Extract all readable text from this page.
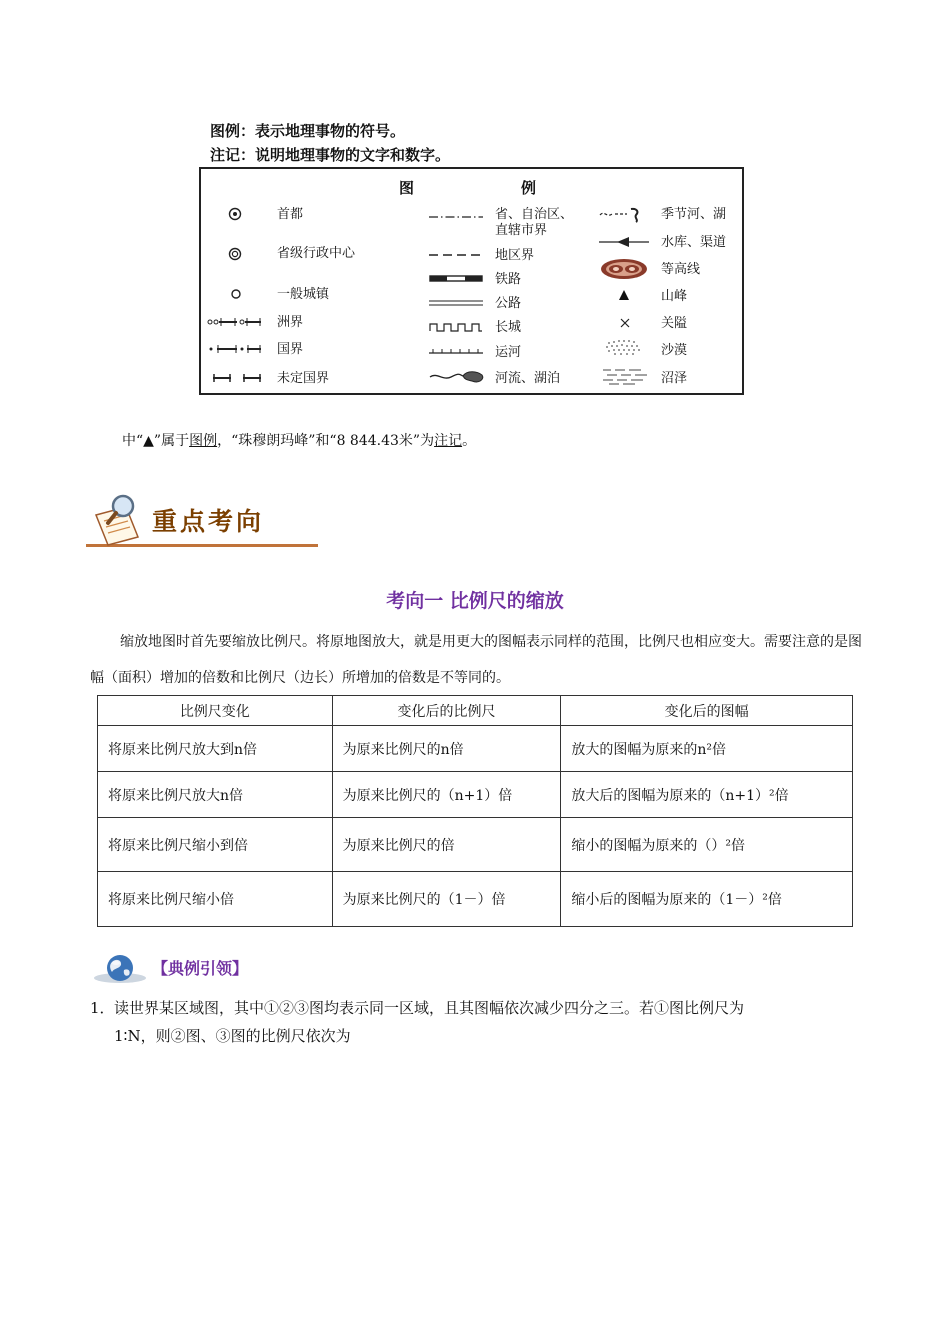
图例：表示地理事物的符号。
注记：说明地理事物的文字和数字。
图	例
首都
省级行政中心
一般城镇
洲界
国界
未定国界
省、自治区、
直辖市界
地区界
铁路
公路
长城
运河
河流、湖泊
季节河、湖
水库、渠道
等高线
山峰
关隘
沙漠
沼泽
中“▲”属于图例，“珠穆朗玛峰”和“8 844.43米”为注记。
重点考向
考向一 比例尺的缩放
缩放地图时首先要缩放比例尺。将原地图放大，就是用更大的图幅表示同样的范围，比例尺也相应变大。需要注意的是图幅（面积）增加的倍数和比例尺（边长）所增加的倍数是不等同的。
比例尺变化	变化后的比例尺	变化后的图幅
将原来比例尺放大到n倍	为原来比例尺的n倍	放大的图幅为原来的n²倍
将原来比例尺放大n倍	为原来比例尺的（n+1）倍	放大后的图幅为原来的（n+1）²倍
将原来比例尺缩小到倍	为原来比例尺的倍	缩小的图幅为原来的（）²倍
将原来比例尺缩小倍	为原来比例尺的（1－）倍	缩小后的图幅为原来的（1－）²倍
【典例引领】
1．读世界某区域图，其中①②③图均表示同一区域，且其图幅依次减少四分之三。若①图比例尺为
1∶N，则②图、③图的比例尺依次为
